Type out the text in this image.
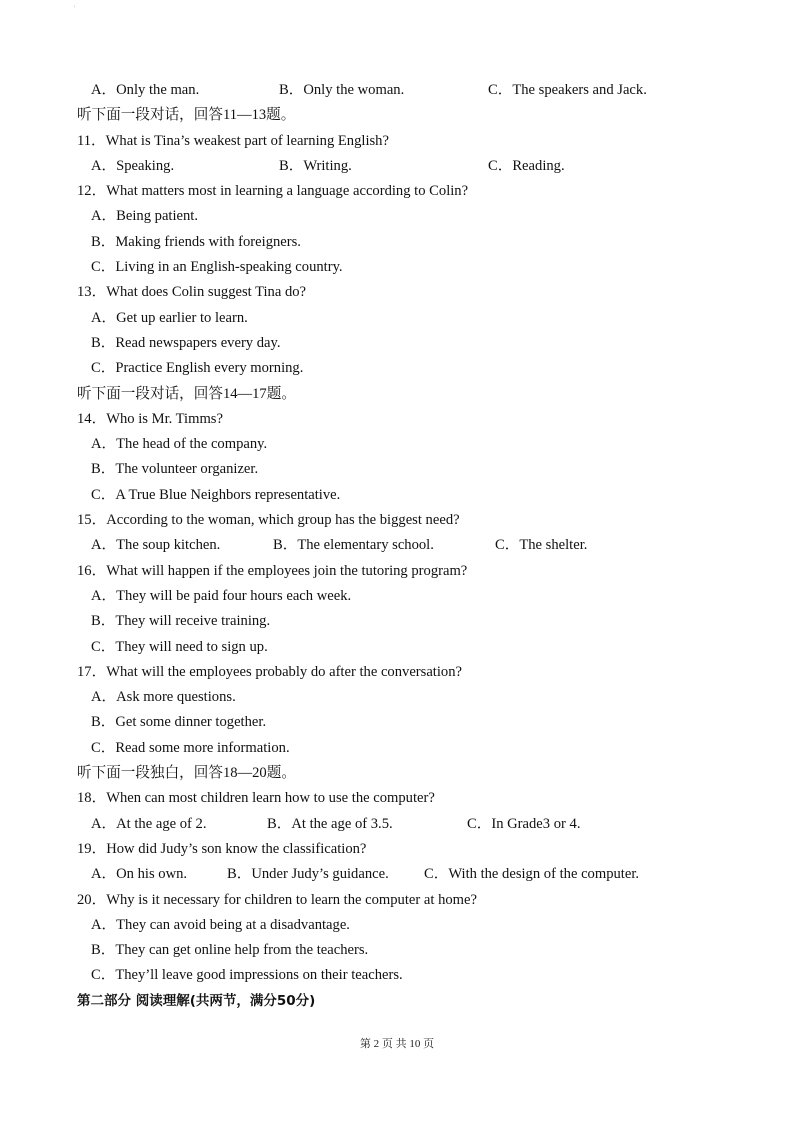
'
A．Only the man.	B．Only the woman.	C．The speakers and Jack.
听下面一段对话，回答11—13题。
11．What is Tina’s weakest part of learning English?
A．Speaking.	B．Writing.	C．Reading.
12．What matters most in learning a language according to Colin?
A．Being patient.
B．Making friends with foreigners.
C．Living in an English-speaking country.
13．What does Colin suggest Tina do?
A．Get up earlier to learn.
B．Read newspapers every day.
C．Practice English every morning.
听下面一段对话，回答14—17题。
14．Who is Mr. Timms?
A．The head of the company.
B．The volunteer organizer.
C．A True Blue Neighbors representative.
15．According to the woman, which group has the biggest need?
A．The soup kitchen.	B．The elementary school.	C．The shelter.
16．What will happen if the employees join the tutoring program?
A．They will be paid four hours each week.
B．They will receive training.
C．They will need to sign up.
17．What will the employees probably do after the conversation?
A．Ask more questions.
B．Get some dinner together.
C．Read some more information.
听下面一段独白，回答18—20题。
18．When can most children learn how to use the computer?
A．At the age of 2.	B．At the age of 3.5.	C．In Grade3 or 4.
19．How did Judy’s son know the classification?
A．On his own.	B．Under Judy’s guidance. C．With the design of the computer.
20．Why is it necessary for children to learn the computer at home?
A．They can avoid being at a disadvantage.
B．They can get online help from the teachers.
C．They’ll leave good impressions on their teachers.
第二部分 阅读理解(共两节，满分50分)
第 2 页 共 10 页
